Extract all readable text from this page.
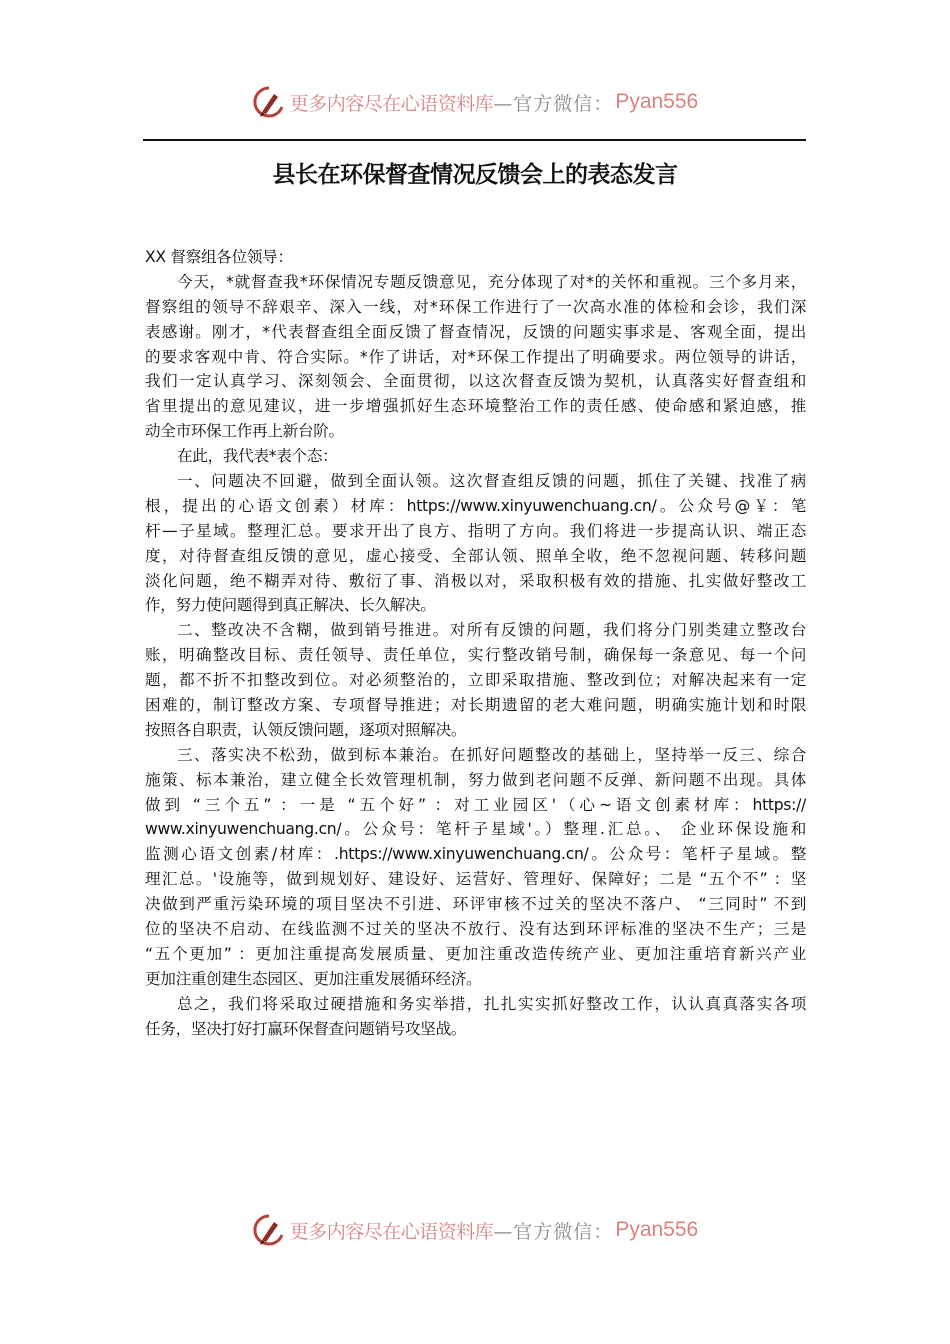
更多内容尽在心语资料库 —官方微信： Pyan556
县长在环保督查情况反馈会上的表态发言
XX 督察组各位领导：
今天，*就督查我*环保情况专题反馈意见，充分体现了对*的关怀和重视。三个多月来，
督察组的领导不辞艰辛、深入一线，对*环保工作进行了一次高水准的体检和会诊，我们深
表感谢。刚才，*代表督查组全面反馈了督查情况，反馈的问题实事求是、客观全面，提出
的要求客观中肯、符合实际。*作了讲话，对*环保工作提出了明确要求。两位领导的讲话，
我们一定认真学习、深刻领会、全面贯彻，以这次督查反馈为契机，认真落实好督查组和
省里提出的意见建议，进一步增强抓好生态环境整治工作的责任感、使命感和紧迫感，推
动全市环保工作再上新台阶。
在此，我代表*表个态：
一、问题决不回避，做到全面认领。这次督查组反馈的问题，抓住了关键、找准了病
根，提出的心语文创素）材库：https://www.xinyuwenchuang.cn/。公众号@￥：笔
杆—子星域。整理汇总。要求开出了良方、指明了方向。我们将进一步提高认识、端正态
度，对待督查组反馈的意见，虚心接受、全部认领、照单全收，绝不忽视问题、转移问题
淡化问题，绝不糊弄对待、敷衍了事、消极以对，采取积极有效的措施、扎实做好整改工
作，努力使问题得到真正解决、长久解决。
二、整改决不含糊，做到销号推进。对所有反馈的问题，我们将分门别类建立整改台
账，明确整改目标、责任领导、责任单位，实行整改销号制，确保每一条意见、每一个问
题，都不折不扣整改到位。对必须整治的，立即采取措施、整改到位；对解决起来有一定
困难的，制订整改方案、专项督导推进；对长期遗留的老大难问题，明确实施计划和时限
按照各自职责，认领反馈问题，逐项对照解决。
三、落实决不松劲，做到标本兼治。在抓好问题整改的基础上，坚持举一反三、综合
施策、标本兼治，建立健全长效管理机制，努力做到老问题不反弹、新问题不出现。具体
做到 “三个五” ：一是 “五个好” ：对工业园区'（心~语文创素材库：https://
www.xinyuwenchuang.cn/。公众号：笔杆子星域'。）整理.汇总。、 企业环保设施和
监测心语文创素/材库：.https://www.xinyuwenchuang.cn/。公众号：笔杆子星域。整
理汇总。'设施等，做到规划好、建设好、运营好、管理好、保障好；二是 “五个不” ：坚
决做到严重污染环境的项目坚决不引进、环评审核不过关的坚决不落户、 “三同时” 不到
位的坚决不启动、在线监测不过关的坚决不放行、没有达到环评标准的坚决不生产；三是
“五个更加” ：更加注重提高发展质量、更加注重改造传统产业、更加注重培育新兴产业
更加注重创建生态园区、更加注重发展循环经济。
总之，我们将采取过硬措施和务实举措，扎扎实实抓好整改工作，认认真真落实各项
任务，坚决打好打赢环保督查问题销号攻坚战。
更多内容尽在心语资料库 —官方微信： Pyan556
